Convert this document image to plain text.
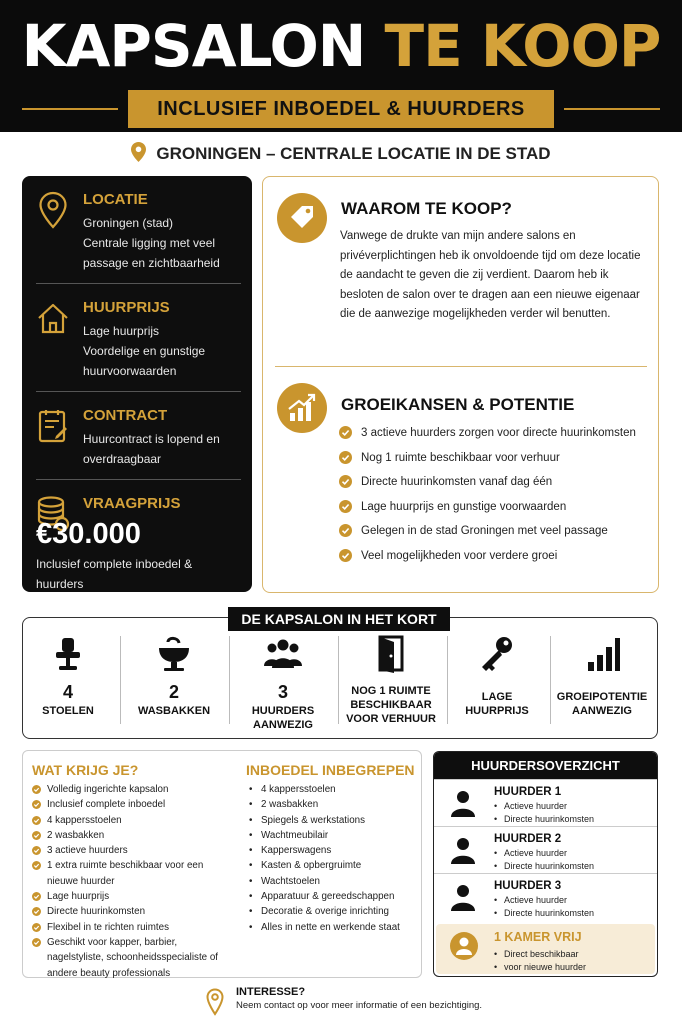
KAPSALON TE KOOP
INCLUSIEF INBOEDEL & HUURDERS
GRONINGEN – CENTRALE LOCATIE IN DE STAD
LOCATIE

Groningen (stad)

Centrale ligging met veel passage en zichtbaarheid

HUURPRIJS

Lage huurprijs

Voordelige en gunstige huurvoorwaarden

CONTRACT

Huurcontract is lopend en overdraagbaar

VRAAGPRIJS
€30.000

Inclusief complete inboedel & huurders

WAAROM TE KOOP?
Vanwege de drukte van mijn andere salons en privéverplichtingen heb ik onvoldoende tijd om deze locatie de aandacht te geven die zij verdient. Daarom heb ik besloten de salon over te dragen aan een nieuwe eigenaar die de aanwezige mogelijkheden verder wil benutten.
GROEIKANSEN & POTENTIE
3 actieve huurders zorgen voor directe huurinkomsten
Nog 1 ruimte beschikbaar voor verhuur
Directe huurinkomsten vanaf dag één
Lage huurprijs en gunstige voorwaarden
Gelegen in de stad Groningen met veel passage
Veel mogelijkheden voor verdere groei
DE KAPSALON IN HET KORT
4
STOELEN
2
WASBAKKEN
3
HUURDERS AANWEZIG
NOG 1 RUIMTE BESCHIKBAAR VOOR VERHUUR
LAGE HUURPRIJS
GROEIPOTENTIE AANWEZIG
WAT KRIJG JE?
Volledig ingerichte kapsalon
Inclusief complete inboedel
4 kappersstoelen
2 wasbakken
3 actieve huurders
1 extra ruimte beschikbaar voor een nieuwe huurder
Lage huurprijs
Directe huurinkomsten
Flexibel in te richten ruimtes
Geschikt voor kapper, barbier, nagelstyliste, schoonheidsspecialiste of andere beauty professionals
INBOEDEL INBEGREPEN
• 4 kappersstoelen
• 2 wasbakken
• Spiegels & werkstations
• Wachtmeubilair
• Kapperswagens
• Kasten & opbergruimte
• Wachtstoelen
• Apparatuur & gereedschappen
• Decoratie & overige inrichting
• Alles in nette en werkende staat
HUURDERSOVERZICHT
HUURDER 1
• Actieve huurder
• Directe huurinkomsten
HUURDER 2
• Actieve huurder
• Directe huurinkomsten
HUURDER 3
• Actieve huurder
• Directe huurinkomsten
1 KAMER VRIJ
• Direct beschikbaar
• voor nieuwe huurder
INTERESSE?
Neem contact op voor meer informatie of een bezichtiging.
